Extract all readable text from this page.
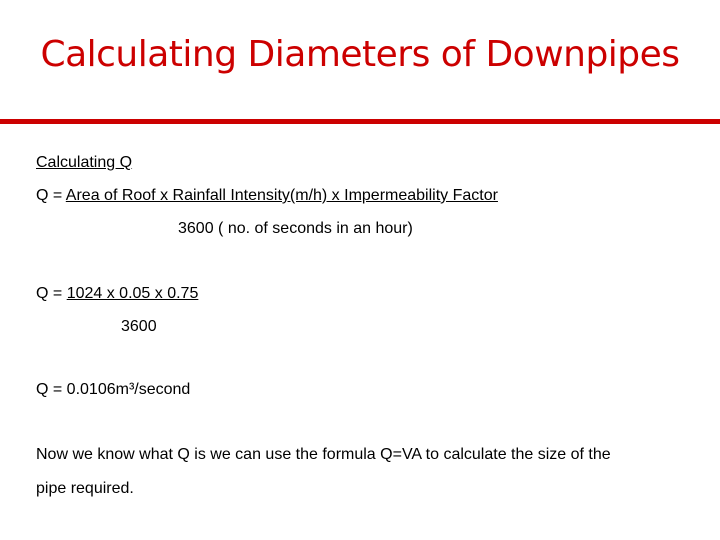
Calculating Diameters of Downpipes
Calculating Q
Q = Area of Roof x Rainfall Intensity(m/h) x Impermeability Factor
3600 ( no. of seconds in an hour)
Q = 1024 x 0.05 x 0.75
3600
Q = 0.0106m³/second
Now we know what Q is we can use the formula Q=VA to calculate the size of the
pipe required.
